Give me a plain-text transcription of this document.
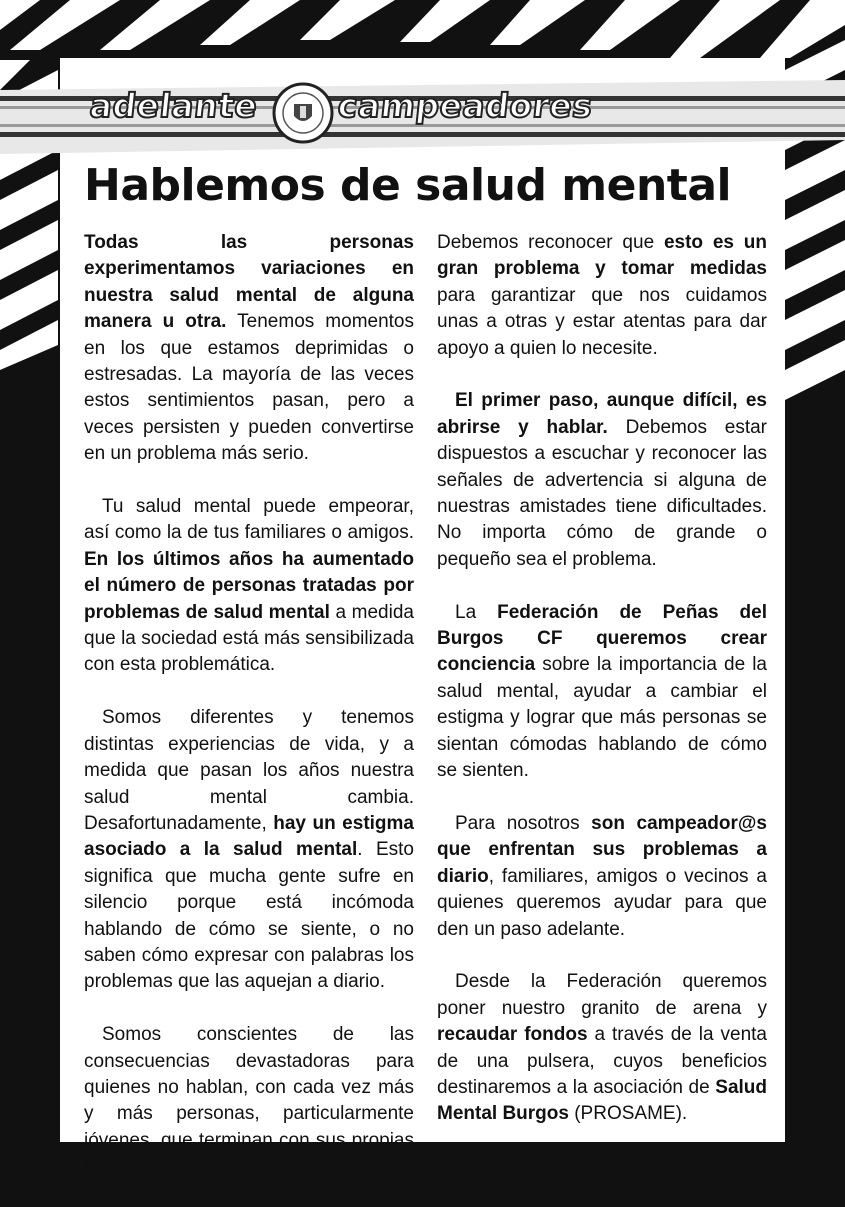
adelante campeadores
Hablemos de salud mental

Todas las personas experimentamos variaciones en nuestra salud mental de alguna manera u otra. Tenemos momentos en los que estamos deprimidas o estresadas. La mayoría de las veces estos sentimientos pasan, pero a veces persisten y pueden convertirse en un problema más serio.

Tu salud mental puede empeorar, así como la de tus familiares o amigos. En los últimos años ha aumentado el número de personas tratadas por problemas de salud mental a medida que la sociedad está más sensibilizada con esta problemática.

Somos diferentes y tenemos distintas experiencias de vida, y a medida que pasan los años nuestra salud mental cambia. Desafortunadamente, hay un estigma asociado a la salud mental. Esto significa que mucha gente sufre en silencio porque está incómoda hablando de cómo se siente, o no saben cómo expresar con palabras los problemas que las aquejan a diario.

Somos conscientes de las consecuencias devastadoras para quienes no hablan, con cada vez más y más personas, particularmente jóvenes, que terminan con sus propias vidas.

Debemos reconocer que esto es un gran problema y tomar medidas para garantizar que nos cuidamos unas a otras y estar atentas para dar apoyo a quien lo necesite.

El primer paso, aunque difícil, es abrirse y hablar. Debemos estar dispuestos a escuchar y reconocer las señales de advertencia si alguna de nuestras amistades tiene dificultades. No importa cómo de grande o pequeño sea el problema.

La Federación de Peñas del Burgos CF queremos crear conciencia sobre la importancia de la salud mental, ayudar a cambiar el estigma y lograr que más personas se sientan cómodas hablando de cómo se sienten.

Para nosotros son campeador@s que enfrentan sus problemas a diario, familiares, amigos o vecinos a quienes queremos ayudar para que den un paso adelante.

Desde la Federación queremos poner nuestro granito de arena y recaudar fondos a través de la venta de una pulsera, cuyos beneficios destinaremos a la asociación de Salud Mental Burgos (PROSAME).
